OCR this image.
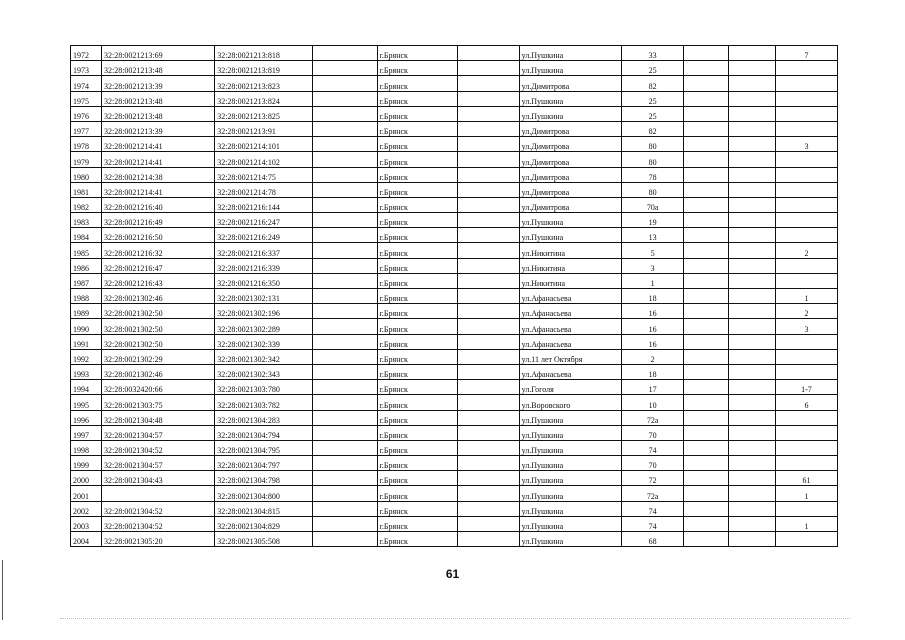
1972	32:28:0021213:69	32:28:0021213:818		г.Брянск		ул.Пушкина	33			7
1973	32:28:0021213:48	32:28:0021213:819		г.Брянск		ул.Пушкина	25			
1974	32:28:0021213:39	32:28:0021213:823		г.Брянск		ул.Димитрова	82			
1975	32:28:0021213:48	32:28:0021213:824		г.Брянск		ул.Пушкина	25			
1976	32:28:0021213:48	32:28:0021213:825		г.Брянск		ул.Пушкина	25			
1977	32:28:0021213:39	32:28:0021213:91		г.Брянск		ул.Димитрова	82			
1978	32:28:0021214:41	32:28:0021214:101		г.Брянск		ул.Димитрова	80			3
1979	32:28:0021214:41	32:28:0021214:102		г.Брянск		ул.Димитрова	80			
1980	32:28:0021214:38	32:28:0021214:75		г.Брянск		ул.Димитрова	78			
1981	32:28:0021214:41	32:28:0021214:78		г.Брянск		ул.Димитрова	80			
1982	32:28:0021216:40	32:28:0021216:144		г.Брянск		ул.Димитрова	70а			
1983	32:28:0021216:49	32:28:0021216:247		г.Брянск		ул.Пушкина	19			
1984	32:28:0021216:50	32:28:0021216:249		г.Брянск		ул.Пушкина	13			
1985	32:28:0021216:32	32:28:0021216:337		г.Брянск		ул.Никитина	5			2
1986	32:28:0021216:47	32:28:0021216:339		г.Брянск		ул.Никитина	3			
1987	32:28:0021216:43	32:28:0021216:350		г.Брянск		ул.Никитина	1			
1988	32:28:0021302:46	32:28:0021302:131		г.Брянск		ул.Афанасьева	18			1
1989	32:28:0021302:50	32:28:0021302:196		г.Брянск		ул.Афанасьева	16			2
1990	32:28:0021302:50	32:28:0021302:289		г.Брянск		ул.Афанасьева	16			3
1991	32:28:0021302:50	32:28:0021302:339		г.Брянск		ул.Афанасьева	16			
1992	32:28:0021302:29	32:28:0021302:342		г.Брянск		ул.11 лет Октября	2			
1993	32:28:0021302:46	32:28:0021302:343		г.Брянск		ул.Афанасьева	18			
1994	32:28:0032420:66	32:28:0021303:780		г.Брянск		ул.Гоголя	17			1-7
1995	32:28:0021303:75	32:28:0021303:782		г.Брянск		ул.Воровского	10			6
1996	32:28:0021304:48	32:28:0021304:283		г.Брянск		ул.Пушкина	72а			
1997	32:28:0021304:57	32:28:0021304:794		г.Брянск		ул.Пушкина	70			
1998	32:28:0021304:52	32:28:0021304:795		г.Брянск		ул.Пушкина	74			
1999	32:28:0021304:57	32:28:0021304:797		г.Брянск		ул.Пушкина	70			
2000	32:28:0021304:43	32:28:0021304:798		г.Брянск		ул.Пушкина	72			61
2001		32:28:0021304:800		г.Брянск		ул.Пушкина	72а			1
2002	32:28:0021304:52	32:28:0021304:815		г.Брянск		ул.Пушкина	74			
2003	32:28:0021304:52	32:28:0021304:829		г.Брянск		ул.Пушкина	74			1
2004	32:28:0021305:20	32:28:0021305:508		г.Брянск		ул.Пушкина	68			
61
